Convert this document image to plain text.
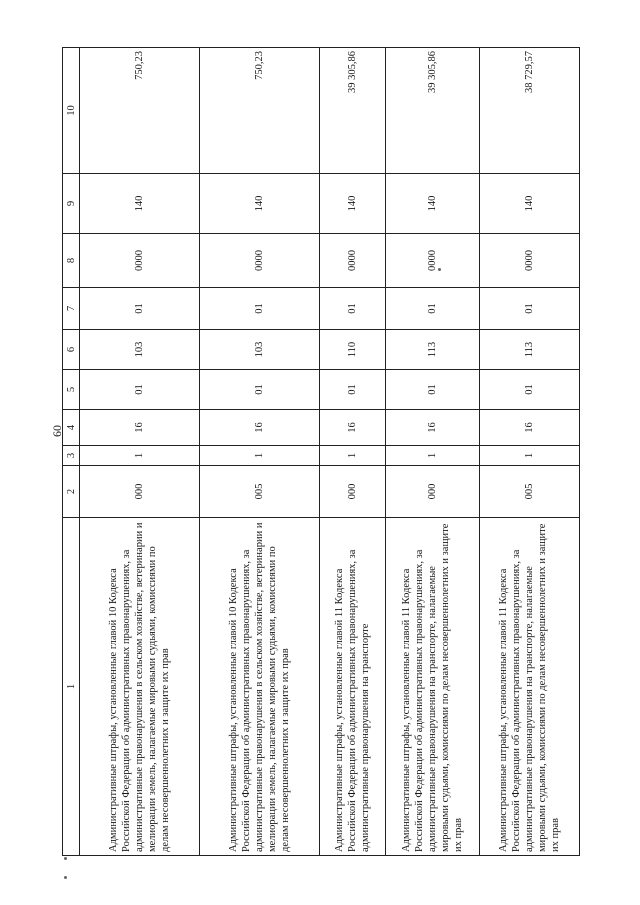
60
1	2	3	4	5	6	7	8	9	10
Административные штрафы, установленные главой 10 Кодекса Российской Федерации об административных правонарушениях, за административные правонарушения в сельском хозяйстве, ветеринарии и мелиорации земель, налагаемые мировыми судьями, комиссиями по делам несовершеннолетних и защите их прав	000	1	16	01	103	01	0000	140	750,23
Административные штрафы, установленные главой 10 Кодекса Российской Федерации об административных правонарушениях, за административные правонарушения в сельском хозяйстве, ветеринарии и мелиорации земель, налагаемые мировыми судьями, комиссиями по делам несовершеннолетних и защите их прав	005	1	16	01	103	01	0000	140	750,23
Административные штрафы, установленные главой 11 Кодекса Российской Федерации об административных правонарушениях, за административные правонарушения на транспорте	000	1	16	01	110	01	0000	140	39 305,86
Административные штрафы, установленные главой 11 Кодекса Российской Федерации об административных правонарушениях, за административные правонарушения на транспорте, налагаемые мировыми судьями, комиссиями по делам несовершеннолетних и защите их прав	000	1	16	01	113	01	0000	140	39 305,86
Административные штрафы, установленные главой 11 Кодекса Российской Федерации об административных правонарушениях, за административные правонарушения на транспорте, налагаемые мировыми судьями, комиссиями по делам несовершеннолетних и защите их прав	005	1	16	01	113	01	0000	140	38 729,57
